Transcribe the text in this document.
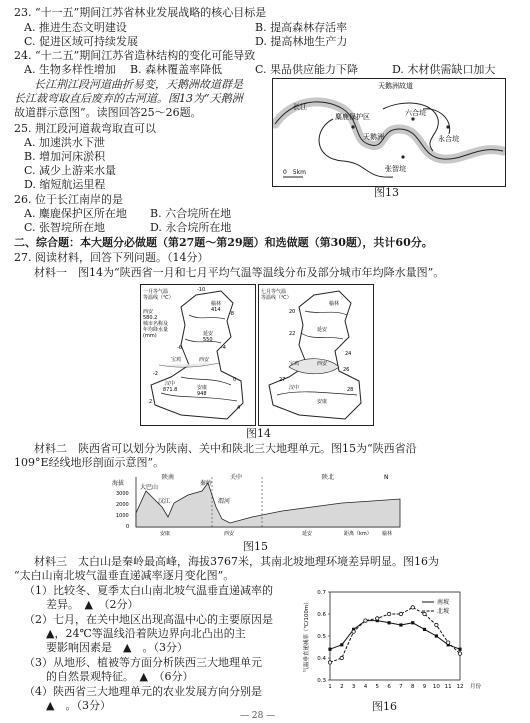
23. “十一五”期间江苏省林业发展战略的核心目标是
A. 推进生态文明建设	B. 提高森林存活率
C. 促进区域可持续发展	D. 提高林地生产力
24. “十二五”期间江苏省造林结构的变化可能导致
A. 生物多样性增加 B. 森林覆盖率降低	C. 果品供应能力下降	D. 木材供需缺口加大
长江荆江段河道曲折易变，天鹅洲故道群是
长江裁弯取直后废弃的古河道。图13为“天鹅洲
故道群示意图”。读图回答25～26题。
25. 荆江段河道裁弯取直可以
A. 加速洪水下泄
B. 增加河床淤积
C. 减少上游来水量
D. 缩短航运里程
26. 位于长江南岸的是
A. 麋鹿保护区所在地 B. 六合垸所在地
C. 张智垸所在地	D. 永合垸所在地
天鹅洲故道
麋鹿保护区	六合垸
永合垸
张智垸
长江
天鹅洲
0　5km
图13
二、综合题：本大题分必做题（第27题～第29题）和选做题（第30题），共计60分。
27. 阅读材料，回答下列问题。（14分）
材料一　图14为“陕西省一月和七月平均气温等温线分布及部分城市年均降水量图”。
一月等气温
等温线（℃）
西安
580.2
城市名称及
年均降水量
(mm)
榆林
414
延安
550
宝鸡	西安
汉中
安康
871.8
948
-10
-8
-6	-4
-2
0
2
4
七月等气温
等温线（℃）
榆林
延安
宝鸡	西安
汉中
安康
20
22
24
26
28
27
图14
材料二　陕西省可以划分为陕南、关中和陕北三大地理单元。图15为“陕西省沿
109°E经线地形剖面示意图”。
陕南	关中	陕北	N
海拔
大巴山
汉江
秦岭
渭河
3000
2000
1000
0
安康	西安	延安	榆林
距离（km）
图15
材料三　太白山是秦岭最高峰，海拔3767米，其南北坡地理环境差异明显。图16为
“太白山南北坡气温垂直递减率逐月变化图”。
（1）比较冬、夏季太白山南北坡气温垂直递减率的
　　差异。　▲　（2分）
（2）七月，在关中地区出现高温中心的主要原因是
　　▲，24℃等温线沿着陕边界向北凸出的主
　　要影响因素是　▲　。（3分）
（3）从地形、植被等方面分析陕西三大地理单元
　　的自然景观特征。　▲　（6分）
（4）陕西省三大地理单元的农业发展方向分别是
　　▲　。（3分）
0.3
0.4
0.5
0.6
0.7
1 2 3 4 5 6 7 8 9 10 11 12 月份
气温垂直递减率（℃/100m）	南坡
北坡
图16
— 28 —
